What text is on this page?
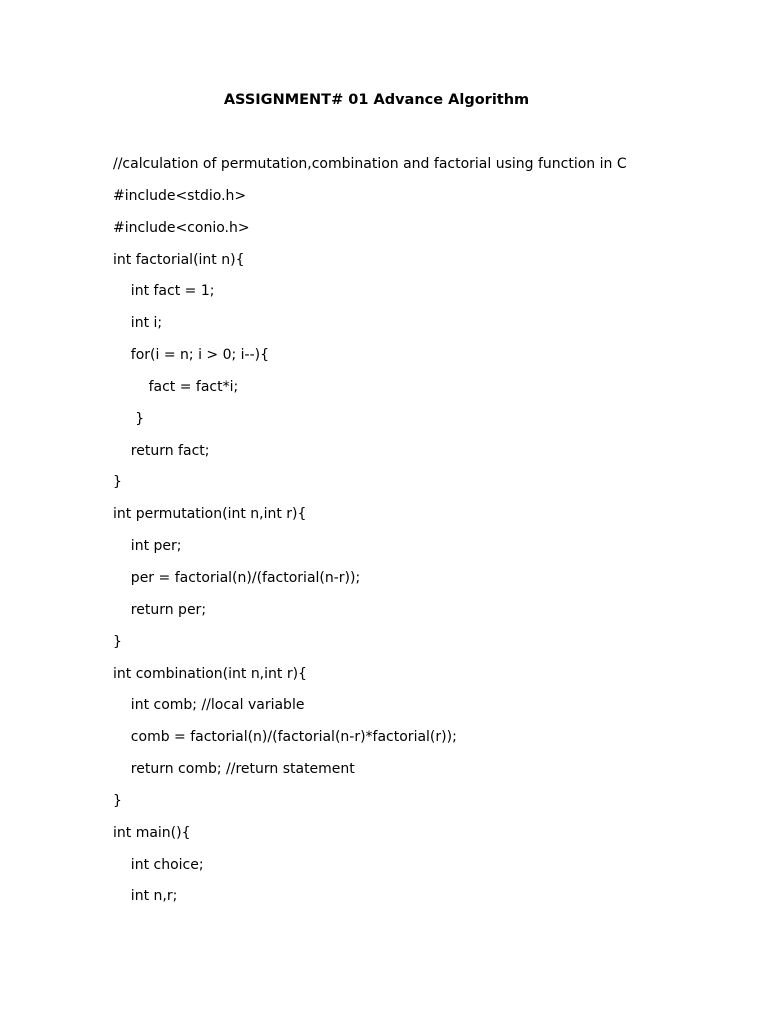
ASSIGNMENT# 01 Advance Algorithm
//calculation of permutation,combination and factorial using function in C
#include<stdio.h>
#include<conio.h>
int factorial(int n){
int fact = 1;
int i;
for(i = n; i > 0; i--){
fact = fact*i;
}
return fact;
}
int permutation(int n,int r){
int per;
per = factorial(n)/(factorial(n-r));
return per;
}
int combination(int n,int r){
int comb; //local variable
comb = factorial(n)/(factorial(n-r)*factorial(r));
return comb; //return statement
}
int main(){
int choice;
int n,r;
